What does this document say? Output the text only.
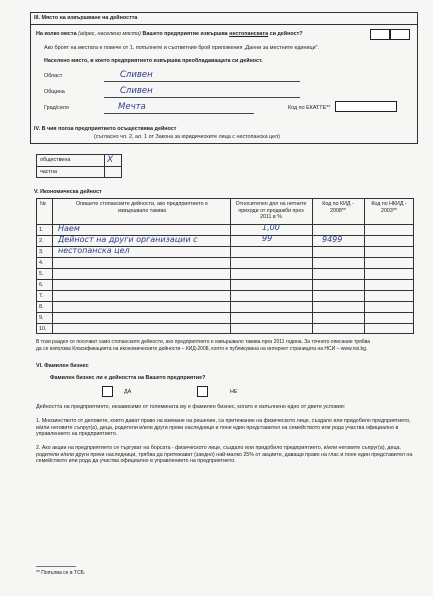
III. Място на извършване на дейността
На колко места (адрес, населено място) Вашето предприятие извършва нестопанската си дейност?
Ако броят на местата е повече от 1, попълнете и съответния брой приложения „Данни за местните единици".
Населено място, в което предприятието извършва преобладаващата си дейност.
Област	Сливен
Община	Сливен
Град/село	Мечта	Код по ЕКАТТЕ**
IV. В чия полза предприятието осъществява дейност
(съгласно чл. 2, ал. 1 от Закона за юридическите лица с нестопанска цел)
обществена	Х
частна
V. Икономическа дейност
№	Опишете стопанските дейности, ако предприятието е извършвало такива
Относителен дял на нетните приходи от продажби през 2011 в %
Код по КИД - 2008**
Код по НКИД - 2003**
1. Наем	1,00
2. Дейност на други организации с	99	9499
3. нестопанска цел
4.
5.
6.
7.
8.
9.
10.
В този раздел се посочват само стопанските дейности, ако предприятието е извършвало такива през 2011 година. За точното описание трябва
да се използва Класификацията на икономическите дейности – КИД-2008, която е публикувана на интернет страницата на НСИ – www.nsi.bg.
VI. Фамилен бизнес
Фамилен бизнес ли е дейността на Вашето предприятие?
ДА	НЕ
Дейността на предприятието, независимо от големината му е фамилен бизнес, когато е изпълнено едно от двете условия:
1. Мнозинството от деловете, които дават право на вземане на решение, са притежание на физическото лице, създало или придобило предприятието, и/или неговите съпруг(а), деца, родители и/или други преки наследници и поне един представител на семейството или рода участва официално в управлението на предприятието.
2. Ако акции на предприятието се търгуват на борсата - физическото лице, създало или придобило предприятието, и/или неговите съпруг(а), деца, родители и/или други преки наследници, трябва да притежават (заедно) най-малко 25% от акциите, даващи право на глас и поне един представител на семейството или рода да участва официално в управлението на предприятието.
** Попълва се в ТСБ.
